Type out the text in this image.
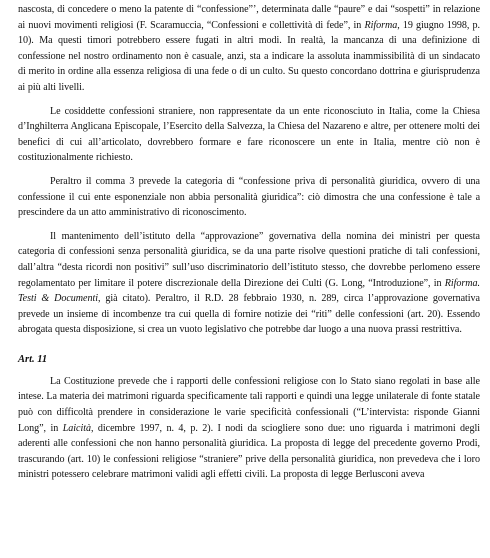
nascosta, di concedere o meno la patente di “confessione”’, determinata dalle “paure” e dai “sospetti” in relazione ai nuovi movimenti religiosi (F. Scaramuccia, “Confessioni e collettività di fede”, in Riforma, 19 giugno 1998, p. 10). Ma questi timori potrebbero essere fugati in altri modi. In realtà, la mancanza di una definizione di confessione nel nostro ordinamento non è casuale, anzi, sta a indicare la assoluta inammissibilità di un sindacato di merito in ordine alla essenza religiosa di una fede o di un culto. Su questo concordano dottrina e giurisprudenza ai più alti livelli.

Le cosiddette confessioni straniere, non rappresentate da un ente riconosciuto in Italia, come la Chiesa d’Inghilterra Anglicana Episcopale, l’Esercito della Salvezza, la Chiesa del Nazareno e altre, per ottenere molti dei benefici di cui all’articolato, dovrebbero formare e fare riconoscere un ente in Italia, mentre ciò non è costituzionalmente richiesto.

Peraltro il comma 3 prevede la categoria di “confessione priva di personalità giuridica, ovvero di una confessione il cui ente esponenziale non abbia personalità giuridica”: ciò dimostra che una confessione è tale a prescindere da un atto amministrativo di riconoscimento.

Il mantenimento dell’istituto della “approvazione” governativa della nomina dei ministri per questa categoria di confessioni senza personalità giuridica, se da una parte risolve questioni pratiche di tali confessioni, dall’altra “desta ricordi non positivi” sull’uso discriminatorio dell’istituto stesso, che dovrebbe perlomeno essere regolamentato per limitare il potere discrezionale della Direzione dei Culti (G. Long, “Introduzione”, in Riforma. Testi & Documenti, già citato). Peraltro, il R.D. 28 febbraio 1930, n. 289, circa l’approvazione governativa prevede un insieme di incombenze tra cui quella di fornire notizie dei “riti” delle confessioni (art. 20). Essendo abrogata questa disposizione, si crea un vuoto legislativo che potrebbe dar luogo a una nuova prassi restrittiva.

Art. 11

La Costituzione prevede che i rapporti delle confessioni religiose con lo Stato siano regolati in base alle intese. La materia dei matrimoni riguarda specificamente tali rapporti e quindi una legge unilaterale di fonte statale può con difficoltà prendere in considerazione le varie specificità confessionali (“L’intervista: risponde Gianni Long”, in Laicità, dicembre 1997, n. 4, p. 2). I nodi da sciogliere sono due: uno riguarda i matrimoni degli aderenti alle confessioni che non hanno personalità giuridica. La proposta di legge del precedente governo Prodi, trascurando (art. 10) le confessioni religiose “straniere” prive della personalità giuridica, non prevedeva che i loro ministri potessero celebrare matrimoni validi agli effetti civili. La proposta di legge Berlusconi aveva
